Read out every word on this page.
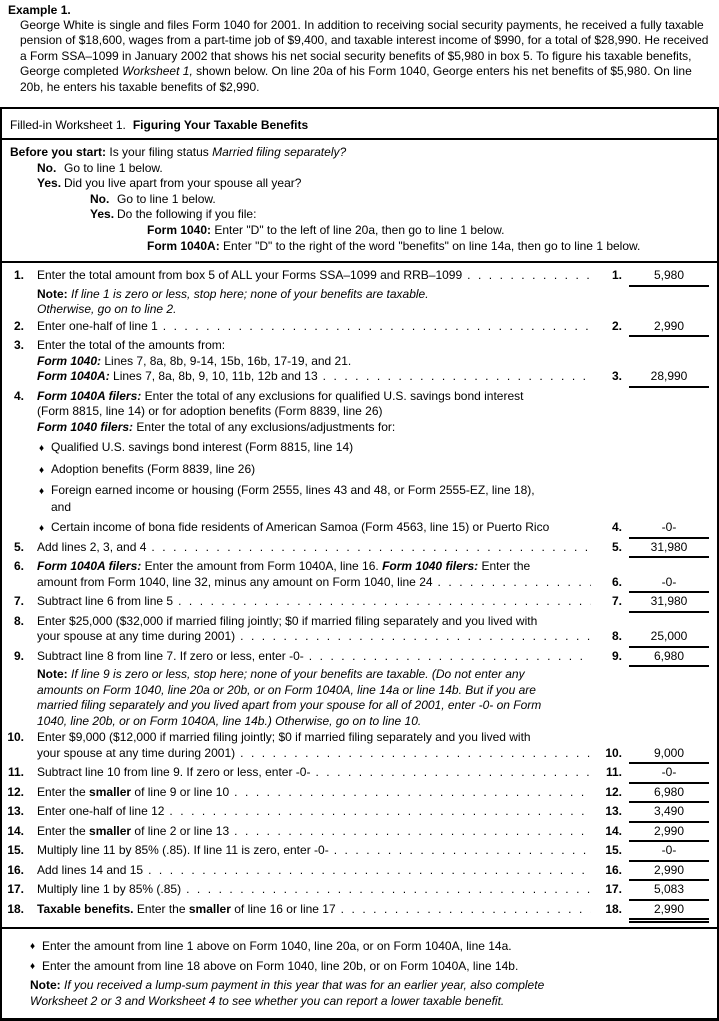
Example 1.
George White is single and files Form 1040 for 2001. In addition to receiving social security payments, he received a fully taxable pension of $18,600, wages from a part-time job of $9,400, and taxable interest income of $990, for a total of $28,990. He received a Form SSA–1099 in January 2002 that shows his net social security benefits of $5,980 in box 5. To figure his taxable benefits, George completed Worksheet 1, shown below. On line 20a of his Form 1040, George enters his net benefits of $5,980. On line 20b, he enters his taxable benefits of $2,990.
Filled-in Worksheet 1. Figuring Your Taxable Benefits
Before you start: Is your filing status Married filing separately?
No. Go to line 1 below.
Yes. Did you live apart from your spouse all year?
No. Go to line 1 below.
Yes. Do the following if you file:
Form 1040: Enter "D" to the left of line 20a, then go to line 1 below.
Form 1040A: Enter "D" to the right of the word "benefits" on line 14a, then go to line 1 below.
1. Enter the total amount from box 5 of ALL your Forms SSA–1099 and RRB–1099 .....	1.	5,980
Note: If line 1 is zero or less, stop here; none of your benefits are taxable.
Otherwise, go on to line 2.
2. Enter one-half of line 1 .....	2.	2,990
3. Enter the total of the amounts from:
Form 1040: Lines 7, 8a, 8b, 9-14, 15b, 16b, 17-19, and 21.
Form 1040A: Lines 7, 8a, 8b, 9, 10, 11b, 12b and 13 .....	3.	28,990
4.	Form 1040A filers: Enter the total of any exclusions for qualified U.S. savings bond interest
(Form 8815, line 14) or for adoption benefits (Form 8839, line 26)
Form 1040 filers: Enter the total of any exclusions/adjustments for:
♦ Qualified U.S. savings bond interest (Form 8815, line 14)
♦ Adoption benefits (Form 8839, line 26)
♦ Foreign earned income or housing (Form 2555, lines 43 and 48, or Form 2555-EZ, line 18),
and
♦ Certain income of bona fide residents of American Samoa (Form 4563, line 15) or Puerto Rico	4.	-0-
5. Add lines 2, 3, and 4 .....	5.	31,980
6.	Form 1040A filers: Enter the amount from Form 1040A, line 16. Form 1040 filers: Enter the
amount from Form 1040, line 32, minus any amount on Form 1040, line 24 .....	6.	-0-
7. Subtract line 6 from line 5 .....	7.	31,980
8.	Enter $25,000 ($32,000 if married filing jointly; $0 if married filing separately and you lived with
your spouse at any time during 2001) .....	8.	25,000
9. Subtract line 8 from line 7. If zero or less, enter -0- .....	9.	6,980
Note: If line 9 is zero or less, stop here; none of your benefits are taxable. (Do not enter any
amounts on Form 1040, line 20a or 20b, or on Form 1040A, line 14a or line 14b. But if you are
married filing separately and you lived apart from your spouse for all of 2001, enter -0- on Form
1040, line 20b, or on Form 1040A, line 14b.) Otherwise, go on to line 10.
10.	Enter $9,000 ($12,000 if married filing jointly; $0 if married filing separately and you lived with
your spouse at any time during 2001) .....	10.	9,000
11. Subtract line 10 from line 9. If zero or less, enter -0- .....	11.	-0-
12. Enter the smaller of line 9 or line 10 .....	12.	6,980
13. Enter one-half of line 12 .....	13.	3,490
14. Enter the smaller of line 2 or line 13 .....	14.	2,990
15. Multiply line 11 by 85% (.85). If line 11 is zero, enter -0- .....	15.	-0-
16. Add lines 14 and 15 .....	16.	2,990
17. Multiply line 1 by 85% (.85) .....	17.	5,083
18. Taxable benefits. Enter the smaller of line 16 or line 17 .....	18.	2,990
♦ Enter the amount from line 1 above on Form 1040, line 20a, or on Form 1040A, line 14a.
♦ Enter the amount from line 18 above on Form 1040, line 20b, or on Form 1040A, line 14b.
Note: If you received a lump-sum payment in this year that was for an earlier year, also complete
Worksheet 2 or 3 and Worksheet 4 to see whether you can report a lower taxable benefit.
